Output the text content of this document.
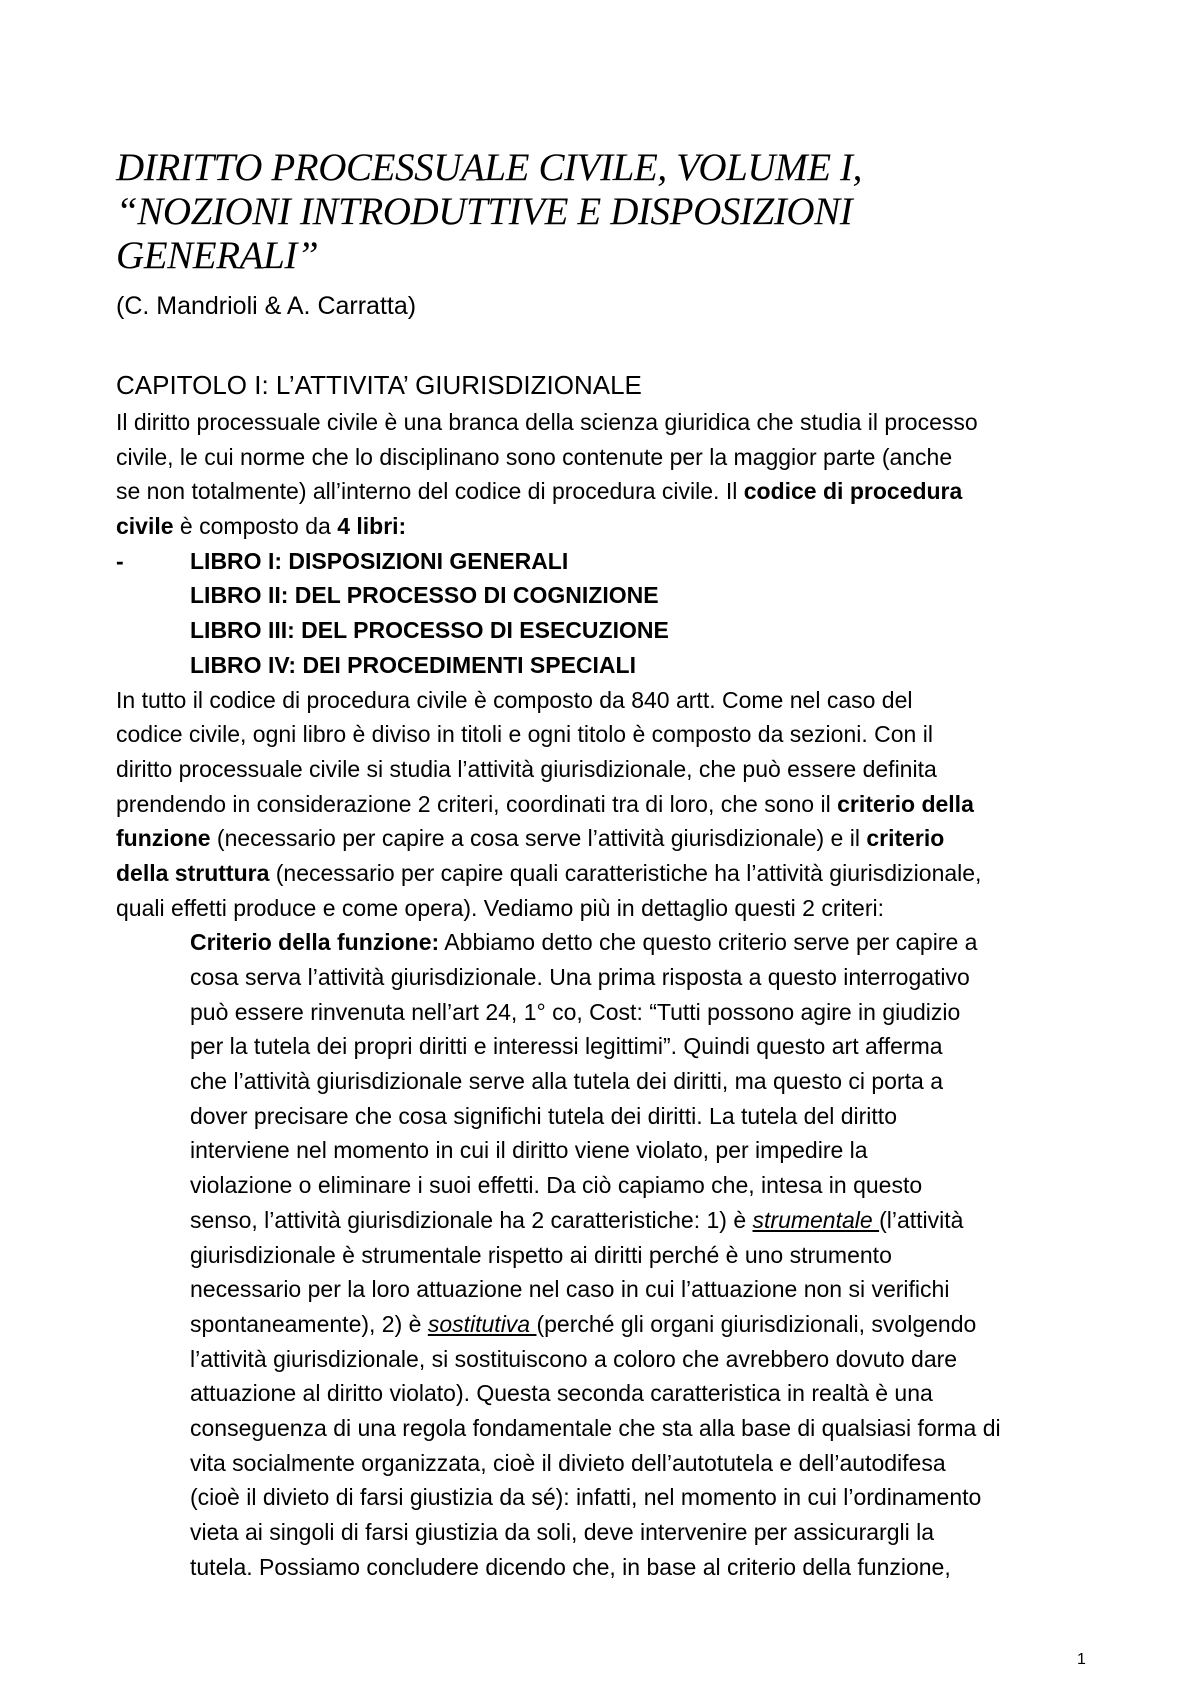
DIRITTO PROCESSUALE CIVILE, VOLUME I,
“NOZIONI INTRODUTTIVE E DISPOSIZIONI
GENERALI”
(C. Mandrioli & A. Carratta)
CAPITOLO I: L’ATTIVITA’ GIURISDIZIONALE
Il diritto processuale civile è una branca della scienza giuridica che studia il processo
civile, le cui norme che lo disciplinano sono contenute per la maggior parte (anche
se non totalmente) all’interno del codice di procedura civile. Il codice di procedura
civile è composto da 4 libri:
-	LIBRO I: DISPOSIZIONI GENERALI
LIBRO II: DEL PROCESSO DI COGNIZIONE
LIBRO III: DEL PROCESSO DI ESECUZIONE
LIBRO IV: DEI PROCEDIMENTI SPECIALI
In tutto il codice di procedura civile è composto da 840 artt. Come nel caso del
codice civile, ogni libro è diviso in titoli e ogni titolo è composto da sezioni. Con il
diritto processuale civile si studia l’attività giurisdizionale, che può essere definita
prendendo in considerazione 2 criteri, coordinati tra di loro, che sono il criterio della
funzione (necessario per capire a cosa serve l’attività giurisdizionale) e il criterio
della struttura (necessario per capire quali caratteristiche ha l’attività giurisdizionale,
quali effetti produce e come opera). Vediamo più in dettaglio questi 2 criteri:
Criterio della funzione: Abbiamo detto che questo criterio serve per capire a
cosa serva l’attività giurisdizionale. Una prima risposta a questo interrogativo
può essere rinvenuta nell’art 24, 1° co, Cost: “Tutti possono agire in giudizio
per la tutela dei propri diritti e interessi legittimi”. Quindi questo art afferma
che l’attività giurisdizionale serve alla tutela dei diritti, ma questo ci porta a
dover precisare che cosa significhi tutela dei diritti. La tutela del diritto
interviene nel momento in cui il diritto viene violato, per impedire la
violazione o eliminare i suoi effetti. Da ciò capiamo che, intesa in questo
senso, l’attività giurisdizionale ha 2 caratteristiche: 1) è strumentale (l’attività
giurisdizionale è strumentale rispetto ai diritti perché è uno strumento
necessario per la loro attuazione nel caso in cui l’attuazione non si verifichi
spontaneamente), 2) è sostitutiva (perché gli organi giurisdizionali, svolgendo
l’attività giurisdizionale, si sostituiscono a coloro che avrebbero dovuto dare
attuazione al diritto violato). Questa seconda caratteristica in realtà è una
conseguenza di una regola fondamentale che sta alla base di qualsiasi forma di
vita socialmente organizzata, cioè il divieto dell’autotutela e dell’autodifesa
(cioè il divieto di farsi giustizia da sé): infatti, nel momento in cui l’ordinamento
vieta ai singoli di farsi giustizia da soli, deve intervenire per assicurargli la
tutela. Possiamo concludere dicendo che, in base al criterio della funzione,
1
